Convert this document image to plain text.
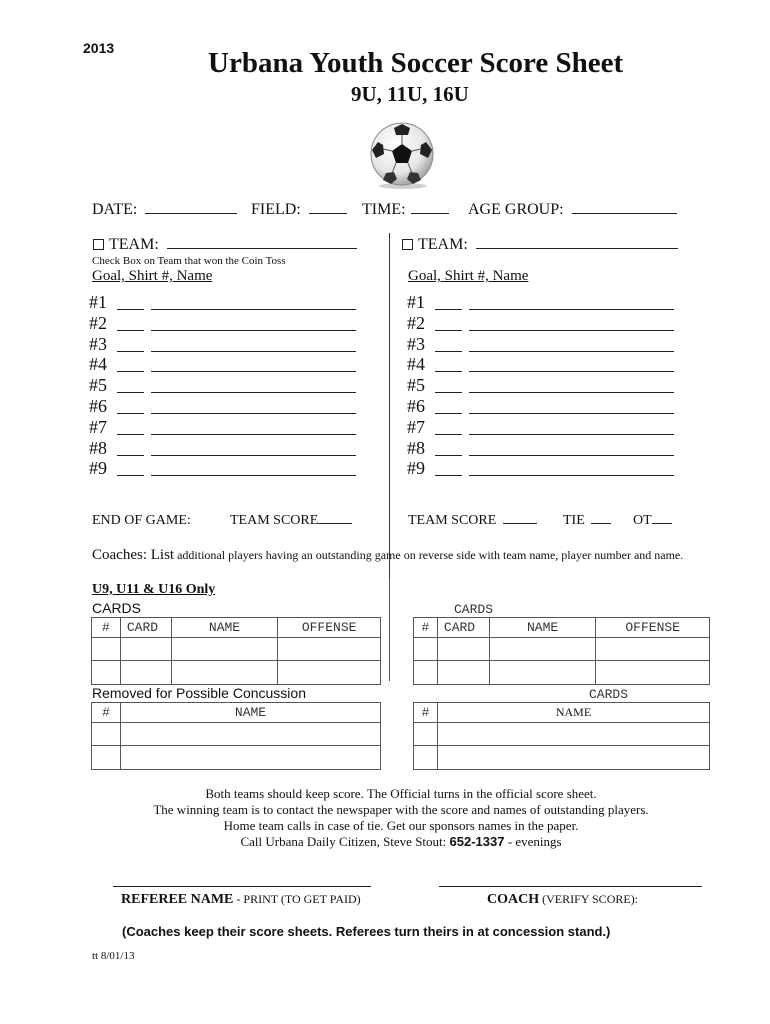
2013	Urbana Youth Soccer Score Sheet
9U, 11U, 16U
DATE:	FIELD:	TIME:	AGE GROUP:
TEAM:
Check Box on Team that won the Coin Toss
Goal, Shirt #, Name
#1
#2
#3
#4
#5
#6
#7
#8
#9
TEAM:
Goal, Shirt #, Name
#1
#2
#3
#4
#5
#6
#7
#8
#9
END OF GAME:	TEAM SCORE	TEAM SCORE	TIE	OT
Coaches: List additional players having an outstanding game on reverse side with team name, player number and name.
U9, U11 & U16 Only
CARDS	CARDS
#	CARD	NAME	OFFENSE

				#	CARD	NAME	OFFENSE

Removed for Possible Concussion	CARDS
#	NAME

		#	NAME

Both teams should keep score. The Official turns in the official score sheet.
The winning team is to contact the newspaper with the score and names of outstanding players.
Home team calls in case of tie. Get our sponsors names in the paper.
Call Urbana Daily Citizen, Steve Stout: 652-1337 - evenings
REFEREE NAME - PRINT (TO GET PAID)	COACH (VERIFY SCORE):
(Coaches keep their score sheets. Referees turn theirs in at concession stand.)
tt 8/01/13
